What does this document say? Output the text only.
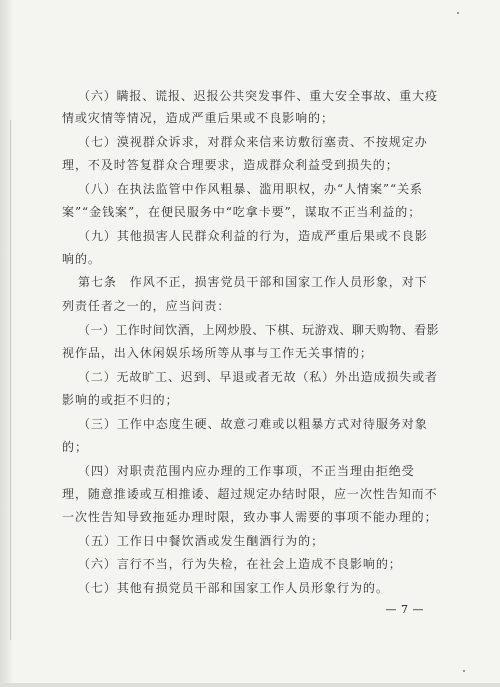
（六）瞒报、谎报、迟报公共突发事件、重大安全事故、重大疫
情或灾情等情况，造成严重后果或不良影响的；
（七）漠视群众诉求，对群众来信来访敷衍塞责、不按规定办
理，不及时答复群众合理要求，造成群众利益受到损失的；
（八）在执法监管中作风粗暴、滥用职权，办“人情案”“关系
案”“金钱案”，在便民服务中“吃拿卡要”，谋取不正当利益的；
（九）其他损害人民群众利益的行为，造成严重后果或不良影
响的。
第七条　作风不正，损害党员干部和国家工作人员形象，对下
列责任者之一的，应当问责：
（一）工作时间饮酒，上网炒股、下棋、玩游戏、聊天购物、看影
视作品，出入休闲娱乐场所等从事与工作无关事情的；
（二）无故旷工、迟到、早退或者无故（私）外出造成损失或者
影响的或拒不归的；
（三）工作中态度生硬、故意刁难或以粗暴方式对待服务对象
的；
（四）对职责范围内应办理的工作事项，不正当理由拒绝受
理，随意推诿或互相推诿、超过规定办结时限，应一次性告知而不
一次性告知导致拖延办理时限，致办事人需要的事项不能办理的；
（五）工作日中餐饮酒或发生酗酒行为的；
（六）言行不当，行为失检，在社会上造成不良影响的；
（七）其他有损党员干部和国家工作人员形象行为的。
— 7 —
